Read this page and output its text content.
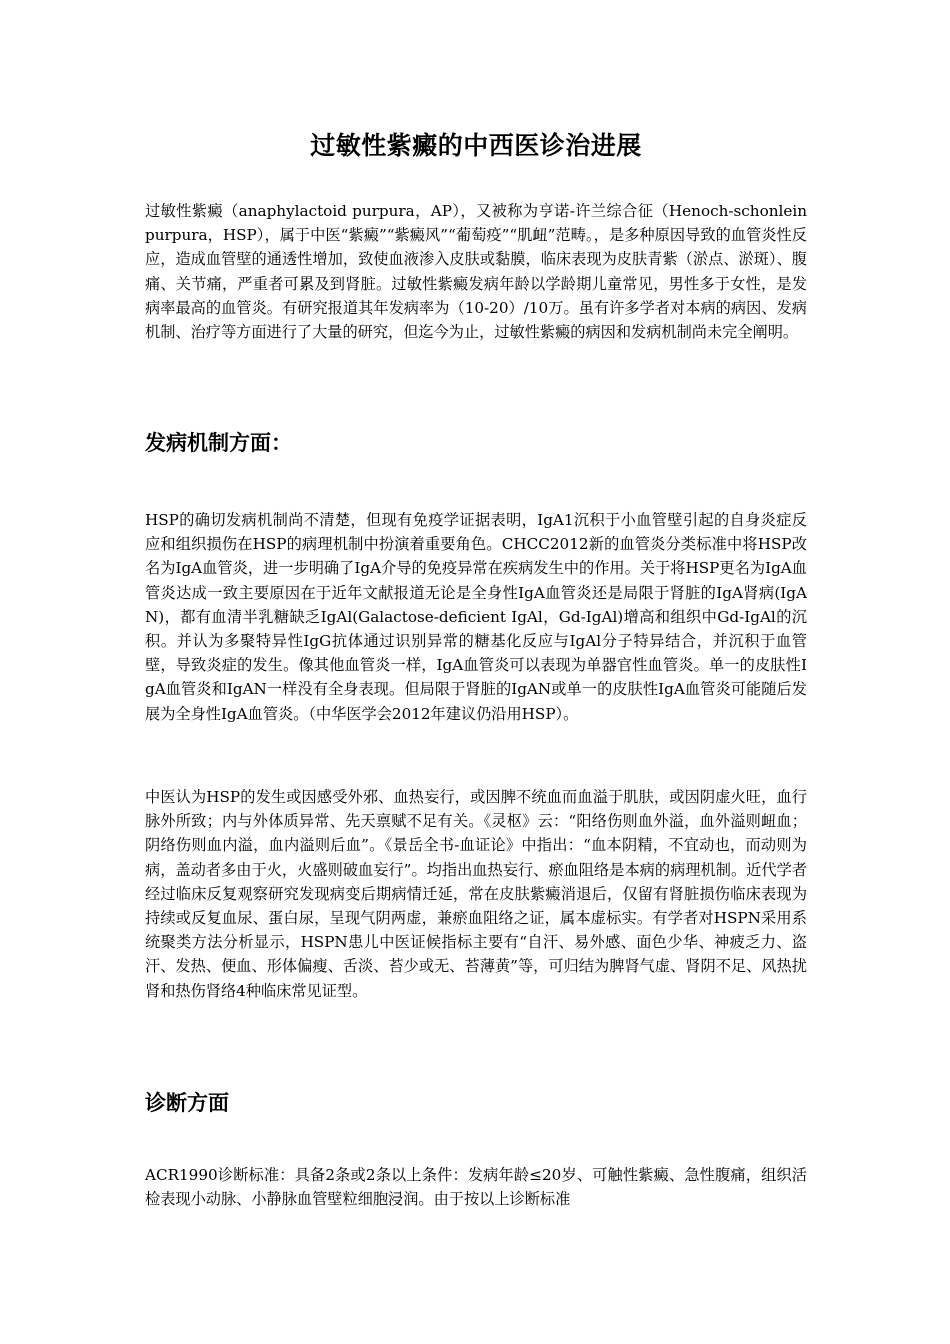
过敏性紫癜的中西医诊治进展

过敏性紫癜（anaphylactoid purpura，AP），又被称为亨诺-许兰综合征（Henoch-schonlein purpura，HSP），属于中医“紫癜”“紫癜风”“葡萄疫”“肌衄”范畴。，是多种原因导致的血管炎性反应，造成血管壁的通透性增加，致使血液渗入皮肤或黏膜，临床表现为皮肤青紫（淤点、淤斑）、腹痛、关节痛，严重者可累及到肾脏。过敏性紫癜发病年龄以学龄期儿童常见，男性多于女性，是发病率最高的血管炎。有研究报道其年发病率为（10-20）/10万。虽有许多学者对本病的病因、发病机制、治疗等方面进行了大量的研究，但迄今为止，过敏性紫癜的病因和发病机制尚未完全阐明。

发病机制方面：

HSP的确切发病机制尚不清楚，但现有免疫学证据表明，IgA1沉积于小血管壁引起的自身炎症反应和组织损伤在HSP的病理机制中扮演着重要角色。CHCC2012新的血管炎分类标准中将HSP改名为IgA血管炎，进一步明确了IgA介导的免疫异常在疾病发生中的作用。关于将HSP更名为IgA血管炎达成一致主要原因在于近年文献报道无论是全身性IgA血管炎还是局限于肾脏的IgA肾病(IgAN)，都有血清半乳糖缺乏IgAl(Galactose-deficient IgAl，Gd-IgAl)增高和组织中Gd-IgAl的沉积。并认为多聚特异性IgG抗体通过识别异常的糖基化反应与IgAl分子特异结合，并沉积于血管壁，导致炎症的发生。像其他血管炎一样，IgA血管炎可以表现为单器官性血管炎。单一的皮肤性IgA血管炎和IgAN一样没有全身表现。但局限于肾脏的IgAN或单一的皮肤性IgA血管炎可能随后发展为全身性IgA血管炎。（中华医学会2012年建议仍沿用HSP）。

中医认为HSP的发生或因感受外邪、血热妄行，或因脾不统血而血溢于肌肤，或因阴虚火旺，血行脉外所致；内与外体质异常、先天禀赋不足有关。《灵枢》云：“阳络伤则血外溢，血外溢则衄血；阴络伤则血内溢，血内溢则后血”。《景岳全书-血证论》中指出：“血本阴精，不宜动也，而动则为病，盖动者多由于火，火盛则破血妄行”。均指出血热妄行、瘀血阻络是本病的病理机制。近代学者经过临床反复观察研究发现病变后期病情迁延，常在皮肤紫癜消退后，仅留有肾脏损伤临床表现为持续或反复血尿、蛋白尿，呈现气阴两虚，兼瘀血阻络之证，属本虚标实。有学者对HSPN采用系统聚类方法分析显示，HSPN患儿中医证候指标主要有“自汗、易外感、面色少华、神疲乏力、盗汗、发热、便血、形体偏瘦、舌淡、苔少或无、苔薄黄”等，可归结为脾肾气虚、肾阴不足、风热扰肾和热伤肾络4种临床常见证型。

诊断方面

ACR1990诊断标准：具备2条或2条以上条件：发病年龄≤20岁、可触性紫癜、急性腹痛，组织活检表现小动脉、小静脉血管壁粒细胞浸润。由于按以上诊断标准
